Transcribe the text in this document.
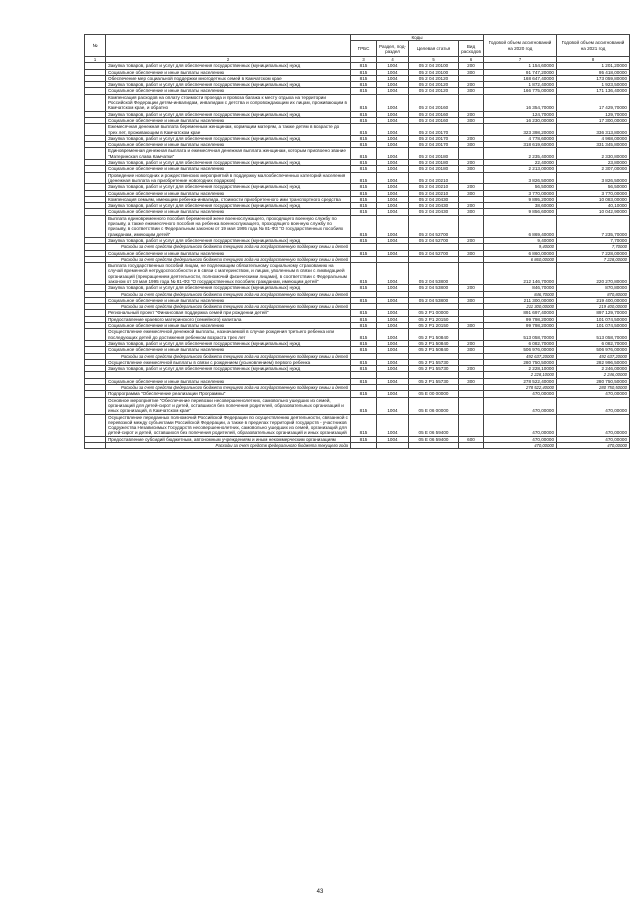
№		Коды				Годовой объем ассигнований на 2020 год	Годовой объем ассигнований на 2021 год
		ГРБС	Раздел, под-раздел	Целевая статья	Вид расходов		
1	2	3	4	5	6	7	8
	Закупка товаров, работ и услуг для обеспечения государственных (муниципальных) нужд	815	1004	05 2 04 20100	200	1 154,60000	1 201,20000
	Социальное обеспечение и иные выплаты населению	815	1004	05 2 04 20100	300	91 747,20000	95 418,00000
	Обеспечение мер социальной поддержки многодетных семей в Камчатском крае	815	1004	05 2 04 20120		168 647,40000	173 059,80000
	Закупка товаров, работ и услуг для обеспечения государственных (муниципальных) нужд	815	1004	05 2 04 20120	200	1 872,40000	1 923,50000
	Социальное обеспечение и иные выплаты населению	815	1004	05 2 04 20120	300	166 775,00000	171 136,40000
	Компенсация расходов на оплату стоимости проезда и провоза багажа к месту отдыха на территории Российской Федерации детям-инвалидам, инвалидам с детства и сопровождающим их лицам, проживающим в Камчатском крае, и обратно	815	1004	05 2 04 20160		16 354,70000	17 429,70000
	Закупка товаров, работ и услуг для обеспечения государственных (муниципальных) нужд	815	1004	05 2 04 20160	200	124,70000	129,70000
	Социальное обеспечение и иные выплаты населению	815	1004	05 2 04 20160	300	16 230,00000	17 300,00000
	Ежемесячная денежная выплата беременным женщинам, кормящим матерям, а также детям в возрасте до трех лет, проживающим в Камчатском крае	815	1004	05 2 04 20170		323 398,20000	336 313,80000
	Закупка товаров, работ и услуг для обеспечения государственных (муниципальных) нужд	815	1004	05 2 04 20170	200	4 778,60000	4 968,00000
	Социальное обеспечение и иные выплаты населению	815	1004	05 2 04 20170	300	318 619,60000	331 345,80000
	Единовременная денежная выплата и ежемесячная денежная выплата женщинам, которым присвоено звание "Материнская слава Камчатки"	815	1004	05 2 04 20180		2 235,40000	2 330,80000
	Закупка товаров, работ и услуг для обеспечения государственных (муниципальных) нужд	815	1004	05 2 04 20180	200	22,40000	23,80000
	Социальное обеспечение и иные выплаты населению	815	1004	05 2 04 20180	300	2 213,00000	2 307,00000
	Проведение новогодних и рождественских мероприятий в поддержку малообеспеченных категорий населения (денежная выплата на приобретение новогодних подарков)	815	1004	05 2 04 20210		3 826,50000	3 826,50000
	Закупка товаров, работ и услуг для обеспечения государственных (муниципальных) нужд	815	1004	05 2 04 20210	200	56,50000	56,50000
	Социальное обеспечение и иные выплаты населению	815	1004	05 2 04 20210	300	3 770,00000	3 770,00000
	Компенсация семьям, имеющим ребенка-инвалида, стоимости приобретенного ими транспортного средства	815	1004	05 2 04 20430		9 895,20000	10 083,00000
	Закупка товаров, работ и услуг для обеспечения государственных (муниципальных) нужд	815	1004	05 2 04 20430	200	38,60000	40,10000
	Социальное обеспечение и иные выплаты населению	815	1004	05 2 04 20430	300	9 856,60000	10 042,90000
	Выплата единовременного пособия беременной жене военнослужащего, проходящего военную службу по призыву, а также ежемесячного пособия на ребенка военнослужащего, проходящего военную службу по призыву, в соответствии с Федеральным законом от 19 мая 1995 года № 81-ФЗ "О государственных пособиях гражданам, имеющим детей"	815	1004	05 2 04 52700		6 869,40000	7 235,70000
	Закупка товаров, работ и услуг для обеспечения государственных (муниципальных) нужд	815	1004	05 2 04 52700	200	9,40000	7,70000
	Расходы за счет средств федерального бюджета текущего года на государственную поддержку семьи и детей					9,40000	7,70000
	Социальное обеспечение и иные выплаты населению	815	1004	05 2 04 52700	300	6 860,00000	7 228,00000
	Расходы за счет средств федерального бюджета текущего года на государственную поддержку семьи и детей					6 860,00000	7 228,00000
	Выплата государственных пособий лицам, не подлежащим обязательному социальному страхованию на случай временной нетрудоспособности и в связи с материнством, и лицам, уволенным в связи с ликвидацией организаций (прекращением деятельности, полномочий физическими лицами), в соответствии с Федеральным законом от 19 мая 1995 года № 81-ФЗ "О государственных пособиях гражданам, имеющим детей"	815	1004	05 2 04 53800		212 146,70000	220 270,80000
	Закупка товаров, работ и услуг для обеспечения государственных (муниципальных) нужд	815	1004	05 2 04 53800	200	846,70000	870,80000
	Расходы за счет средств федерального бюджета текущего года на государственную поддержку семьи и детей					846,70000	870,80000
	Социальное обеспечение и иные выплаты населению	815	1004	05 2 04 53800	300	211 300,00000	219 400,00000
	Расходы за счет средств федерального бюджета текущего года на государственную поддержку семьи и детей					211 300,00000	219 400,00000
	Региональный проект "Финансовая поддержка семей при рождении детей"	815	1004	05 2 P1 00000		891 697,40000	897 129,70000
	Предоставление краевого материнского (семейного) капитала	815	1004	05 2 P1 20150		99 798,20000	101 074,50000
	Социальное обеспечение и иные выплаты населению	815	1004	05 2 P1 20150	300	99 798,20000	101 074,50000
	Осуществление ежемесячной денежной выплаты, назначаемой в случае рождения третьего ребенка или последующих детей до достижения ребенком возраста трех лет	815	1004	05 2 P1 50840		513 058,70000	513 058,70000
	Закупка товаров, работ и услуг для обеспечения государственных (муниципальных) нужд	815	1004	05 2 P1 50840	200	6 082,70000	6 082,70000
	Социальное обеспечение и иные выплаты населению	815	1004	05 2 P1 50840	300	506 976,00000	506 976,00000
	Расходы за счет средств федерального бюджета текущего года на государственную поддержку семьи и детей					492 637,20000	492 637,20000
	Осуществление ежемесячной выплаты в связи с рождением (усыновлением) первого ребенка	815	1004	05 2 P1 55730		280 750,50000	282 996,50000
	Закупка товаров, работ и услуг для обеспечения государственных (муниципальных) нужд	815	1004	05 2 P1 55730	200	2 228,10000	2 246,00000
						2 228,10000	2 246,00000
	Социальное обеспечение и иные выплаты населению	815	1004	05 2 P1 55730	300	278 522,40000	280 750,50000
	Расходы за счет средств федерального бюджета текущего года на государственную поддержку семьи и детей					278 522,40000	280 750,50000
	Подпрограмма "Обеспечение реализации Программы"	815	1004	05 Е 00 00000		470,00000	470,00000
	Основное мероприятие "Обеспечение перевозки несовершеннолетних, самовольно ушедших из семей, организаций для детей-сирот и детей, оставшихся без попечения родителей, образовательных организаций и иных организаций, в Камчатском крае"	815	1004	05 Е 06 00000		470,00000	470,00000
	Осуществление переданных полномочий Российской Федерации по осуществлению деятельности, связанной с перевозкой между субъектами Российской Федерации, а также в пределах территорий государств - участников Содружества Независимых Государств несовершеннолетних, самовольно ушедших из семей, организаций для детей-сирот и детей, оставшихся без попечения родителей, образовательных организаций и иных организаций	815	1004	05 Е 06 59400		470,00000	470,00000
	Предоставление субсидий бюджетным, автономным учреждениям и иным некоммерческим организациям	815	1004	05 Е 06 59400	600	470,00000	470,00000
	Расходы за счет средств федерального бюджета текущего года					470,00000	470,00000
43
